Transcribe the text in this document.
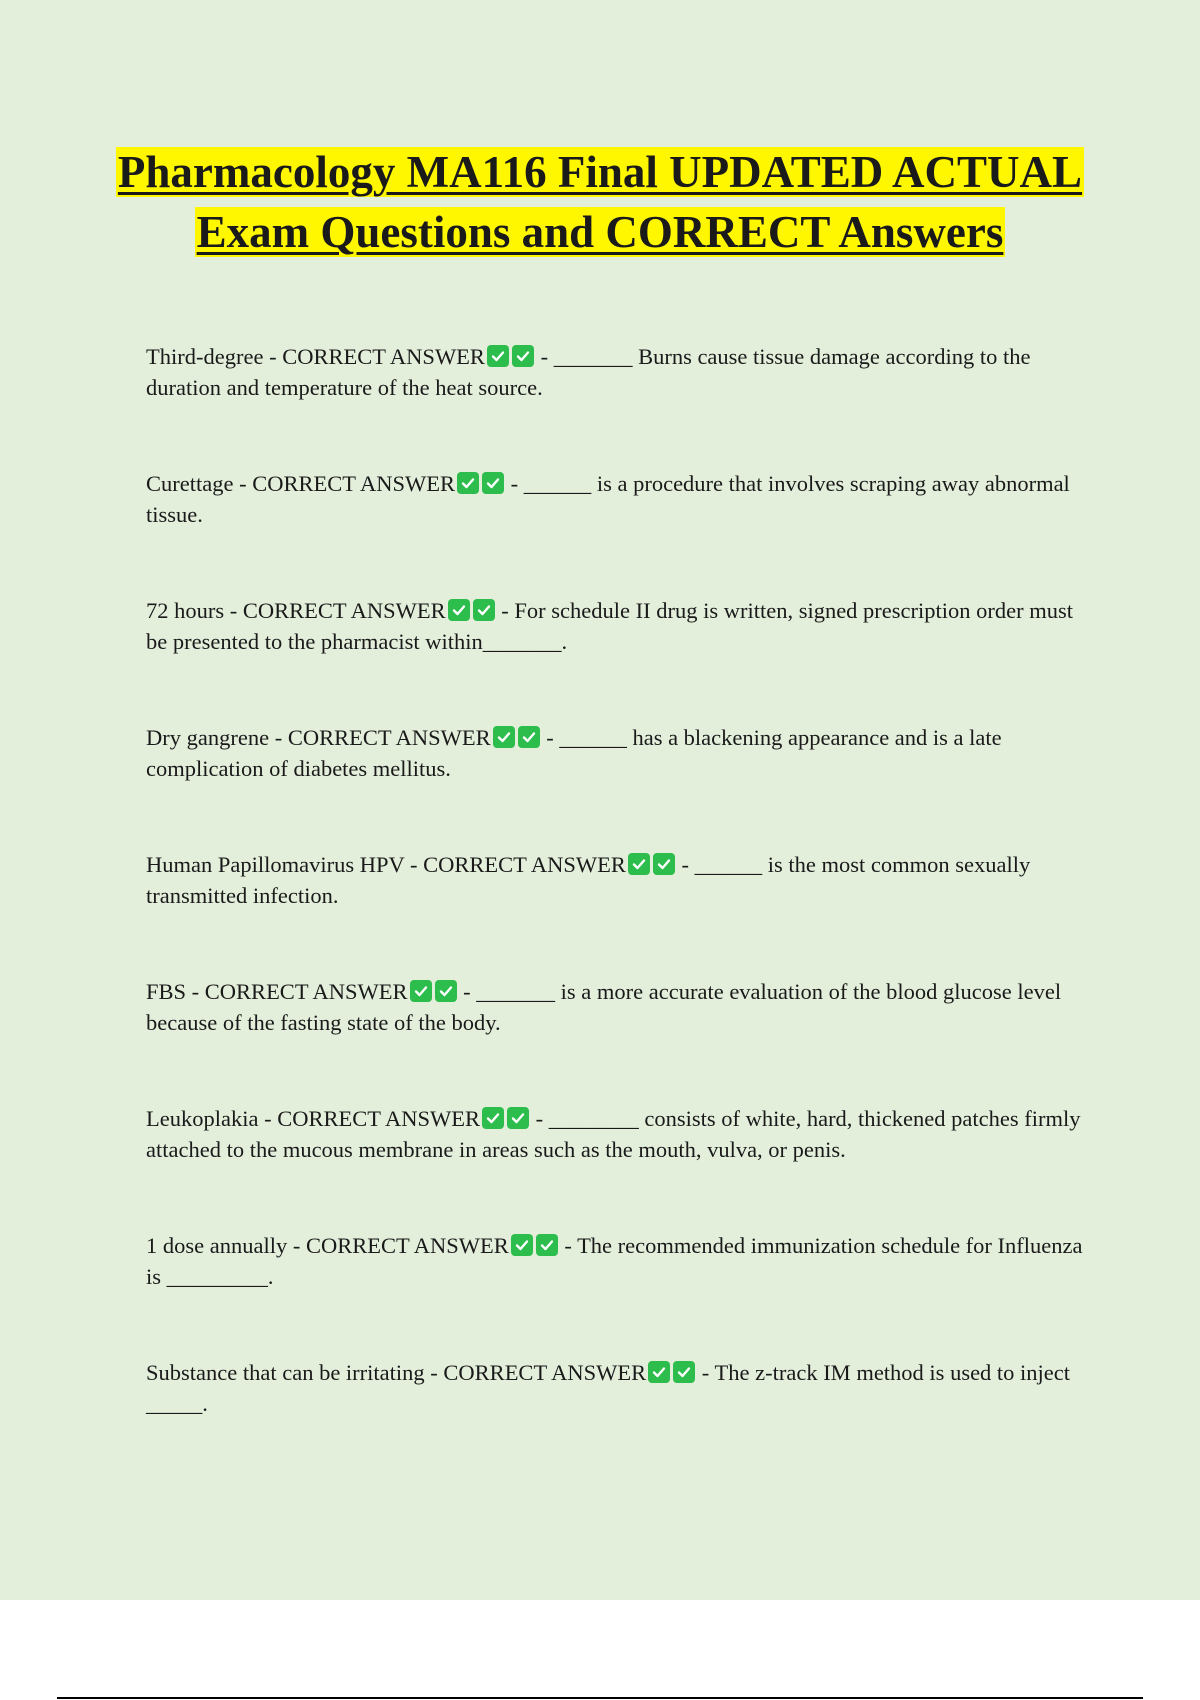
Pharmacology MA116 Final UPDATED ACTUAL Exam Questions and CORRECT Answers
Third-degree - CORRECT ANSWER
- _______ Burns cause tissue damage according to the duration and temperature of the heat source.
Curettage - CORRECT ANSWER
- ______ is a procedure that involves scraping away abnormal tissue.
72 hours - CORRECT ANSWER
- For schedule II drug is written, signed prescription order must be presented to the pharmacist within_______.
Dry gangrene - CORRECT ANSWER
- ______ has a blackening appearance and is a late complication of diabetes mellitus.
Human Papillomavirus HPV - CORRECT ANSWER
- ______ is the most common sexually transmitted infection.
FBS - CORRECT ANSWER
- _______ is a more accurate evaluation of the blood glucose level because of the fasting state of the body.
Leukoplakia - CORRECT ANSWER
- ________ consists of white, hard, thickened patches firmly attached to the mucous membrane in areas such as the mouth, vulva, or penis.
1 dose annually - CORRECT ANSWER
- The recommended immunization schedule for Influenza is _________.
Substance that can be irritating - CORRECT ANSWER
- The z-track IM method is used to inject _____.
